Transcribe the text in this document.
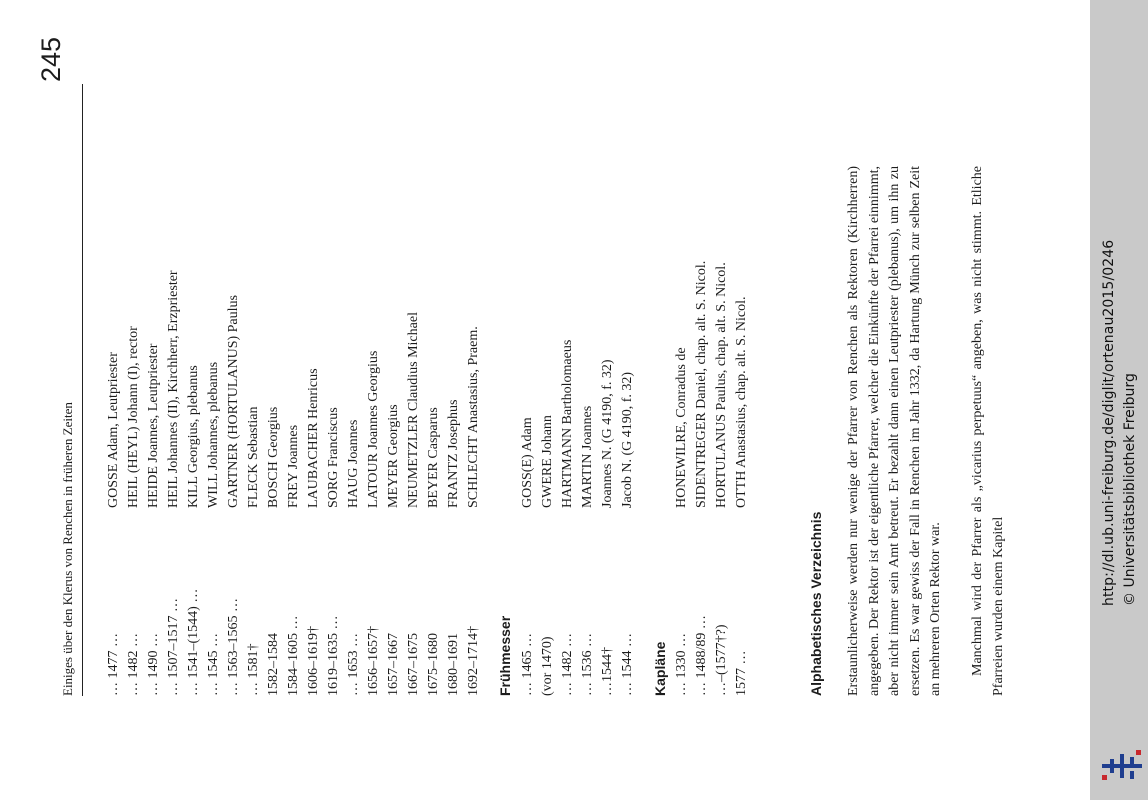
Einiges über den Klerus von Renchen in früheren Zeiten
245
… 1477 …
GOSSE Adam, Leutpriester
… 1482 …
HEIL (HEYL) Johann (I), rector
… 1490 …
HEIDE Joannes, Leutpriester
… 1507–1517 …
HEIL Johannes (II), Kirchherr, Erzpriester
… 1541–(1544) …
KILL Georgius, plebanus
… 1545 …
WILL Johannes, plebanus
… 1563–1565 …
GARTNER (HORTULANUS) Paulus
… 1581†
FLECK Sebastian
1582–1584
BOSCH Georgius
1584–1605 …
FREY Joannes
1606–1619†
LAUBACHER Henricus
1619–1635 …
SORG Franciscus
… 1653 …
HAUG Joannes
1656–1657†
LATOUR Joannes Georgius
1657–1667
MEYER Georgius
1667–1675
NEUMETZLER Claudius Michael
1675–1680
BEYER Casparus
1680–1691
FRANTZ Josephus
1692–1714†
SCHLECHT Anastasius, Praem.
Frühmesser … 1465 …
GOSS(E) Adam
(vor 1470)
GWERE Johann
… 1482 …
HARTMANN Bartholomaeus
… 1536 …
MARTIN Joannes
…1544†
Joannes N. (G 4190, f. 32)
… 1544 …
Jacob N. (G 4190, f. 32)
Kapläne … 1330 …
HONEWILRE, Conradus de
… 1488/89 …
SIDENTREGER Daniel, chap. alt. S. Nicol.
…–(1577†?)
HORTULANUS Paulus, chap. alt. S. Nicol.
1577 …
OTTH Anastasius, chap. alt. S. Nicol.
Alphabetisches Verzeichnis Erstaunlicherweise werden nur wenige der Pfarrer von Renchen als Rektoren (Kirchherren) angegeben. Der Rektor ist der eigentliche Pfarrer, welcher die Einkünfte der Pfarrei einnimmt, aber nicht immer sein Amt betreut. Er bezahlt dann einen Leutpriester (plebanus), um ihn zu ersetzen. Es war gewiss der Fall in Renchen im Jahr 1332, da Hartung Münch zur selben Zeit an mehreren Orten Rektor war. Manchmal wird der Pfarrer als „vicarius perpetuus“ angeben, was nicht stimmt. Etliche Pfarreien wurden einem Kapitel
http://dl.ub.uni-freiburg.de/diglit/ortenau2015/0246 © Universitätsbibliothek Freiburg
